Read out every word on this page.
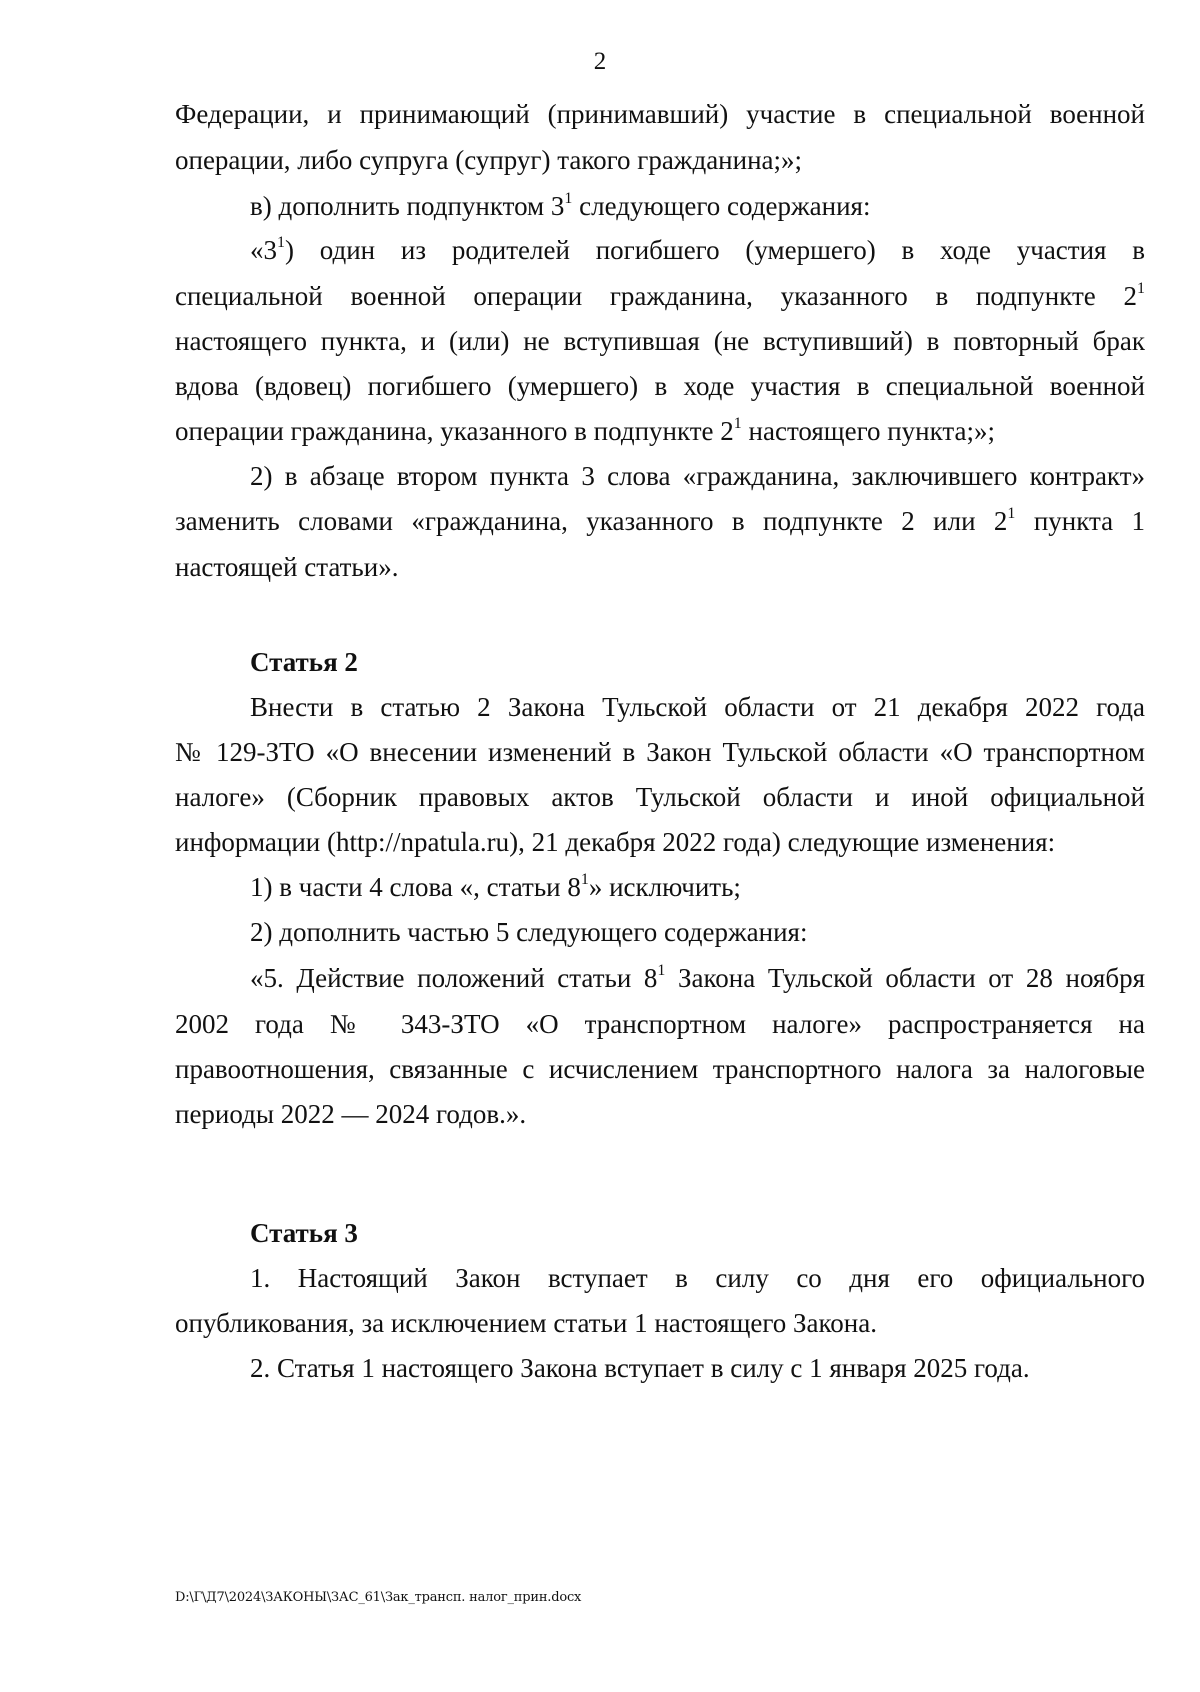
2
Федерации, и принимающий (принимавший) участие в специальной военной
операции, либо супруга (супруг) такого гражданина;»;
в) дополнить подпунктом $3^1$ следующего содержания:
«$3^1$) один из родителей погибшего (умершего) в ходе участия в
специальной военной операции гражданина, указанного в подпункте $2^1$
настоящего пункта, и (или) не вступившая (не вступивший) в повторный брак
вдова (вдовец) погибшего (умершего) в ходе участия в специальной военной
операции гражданина, указанного в подпункте $2^1$ настоящего пункта;»;
2) в абзаце втором пункта 3 слова «гражданина, заключившего контракт»
заменить словами «гражданина, указанного в подпункте 2 или $2^1$ пункта 1
настоящей статьи».
Статья 2
Внести в статью 2 Закона Тульской области от 21 декабря 2022 года
№ 129-ЗТО «О внесении изменений в Закон Тульской области «О транспортном
налоге» (Сборник правовых актов Тульской области и иной официальной
информации (http://npatula.ru), 21 декабря 2022 года) следующие изменения:
1) в части 4 слова «, статьи $8^1$» исключить;
2) дополнить частью 5 следующего содержания:
«5. Действие положений статьи $8^1$ Закона Тульской области от 28 ноября
2002 года № 343-ЗТО «О транспортном налоге» распространяется на
правоотношения, связанные с исчислением транспортного налога за налоговые
периоды 2022 — 2024 годов.».
Статья 3
1. Настоящий Закон вступает в силу со дня его официального
опубликования, за исключением статьи 1 настоящего Закона.
2. Статья 1 настоящего Закона вступает в силу с 1 января 2025 года.
D:\Г\Д7\2024\ЗАКОНЫ\ЗАС_61\Зак_трансп. налог_прин.docx
